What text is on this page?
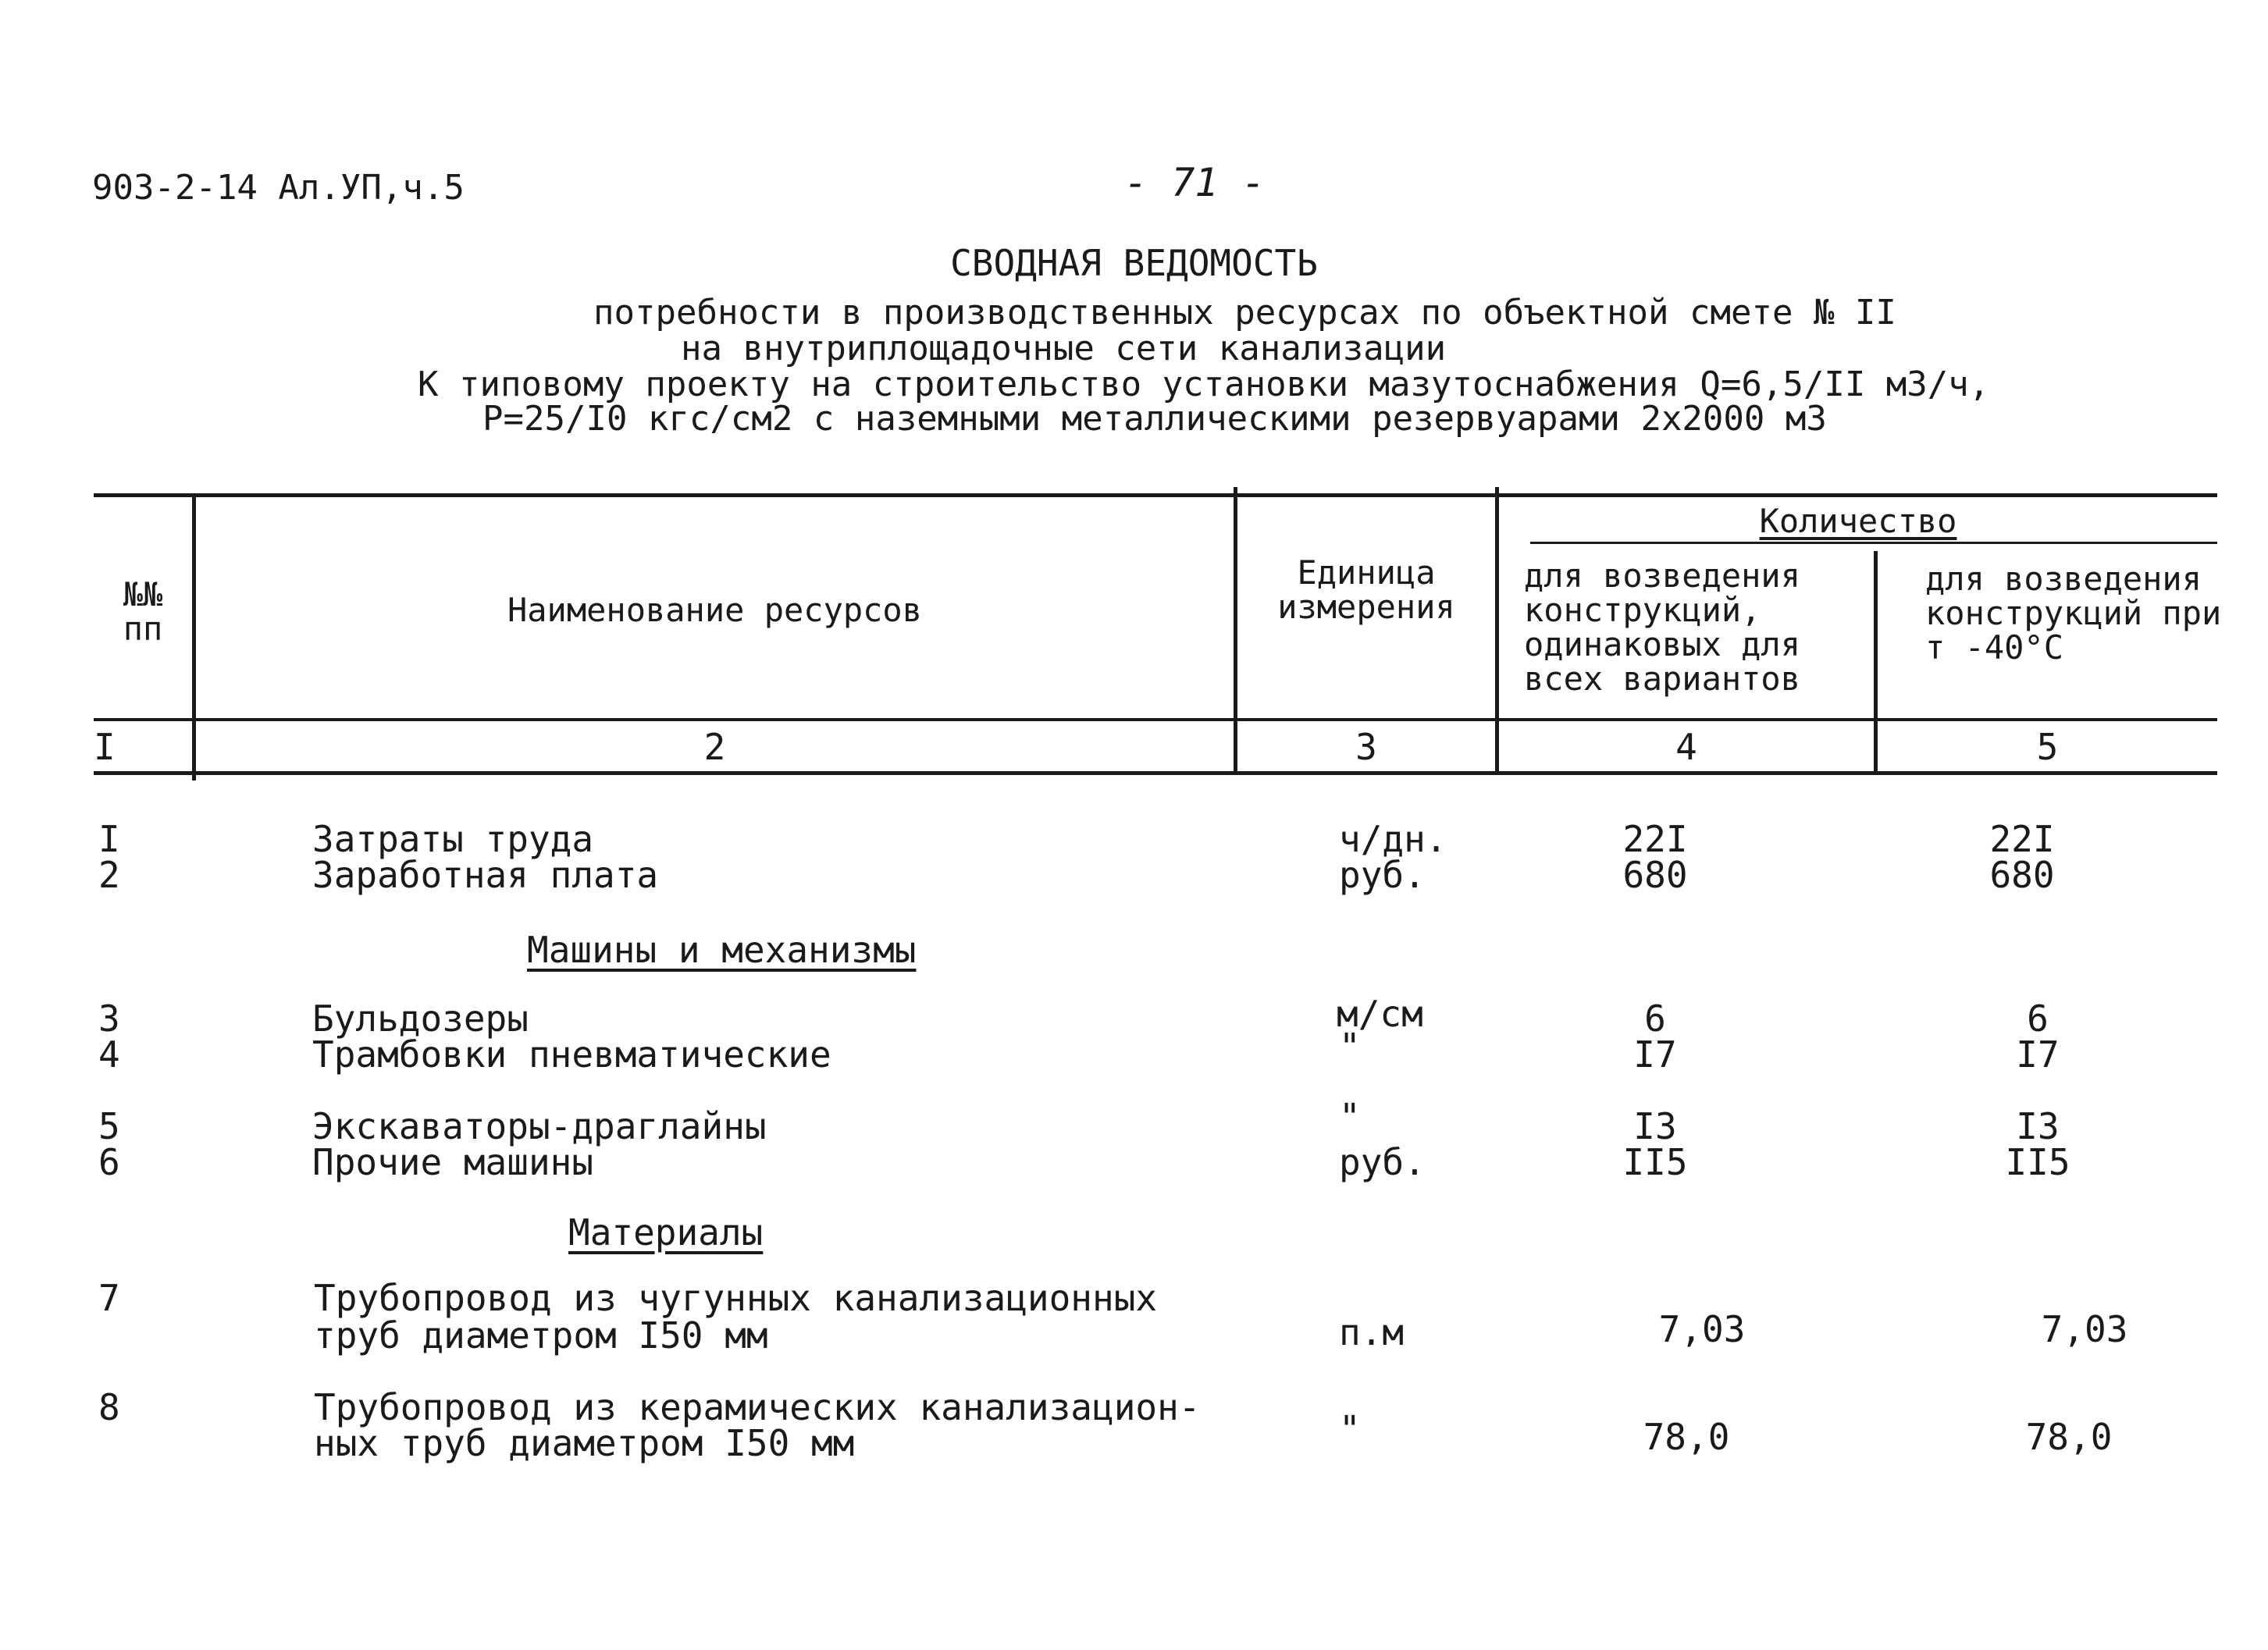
903-2-14 Ал.УП,ч.5	- 71 -
СВОДНАЯ ВЕДОМОСТЬ
потребности в производственных ресурсах по объектной смете № II
на внутриплощадочные сети канализации
К типовому проекту на строительство установки мазутоснабжения Q=6,5/II м3/ч,
P=25/I0 кгс/см2 с наземными металлическими резервуарами 2х2000 м3
№№ пп	Наименование ресурсов
Единица измерения
Количество
для возведения конструкций, одинаковых для всех вариантов
для возведения конструкций при т -40°С
I	2	3	4	5
I	Затраты труда	ч/дн.	22I	22I
2	Заработная плата	руб.	680	680
Машины и механизмы
3	Бульдозеры	м/см	6	6
4	Трамбовки пневматические	"	I7	I7
5	Экскаваторы-драглайны	"	I3	I3
6	Прочие машины	руб.	II5	II5
Материалы
7	Трубопровод из чугунных канализационных
труб диаметром I50 мм	п.м	7,03	7,03
8	Трубопровод из керамических канализацион-
ных труб диаметром I50 мм	"	78,0	78,0
